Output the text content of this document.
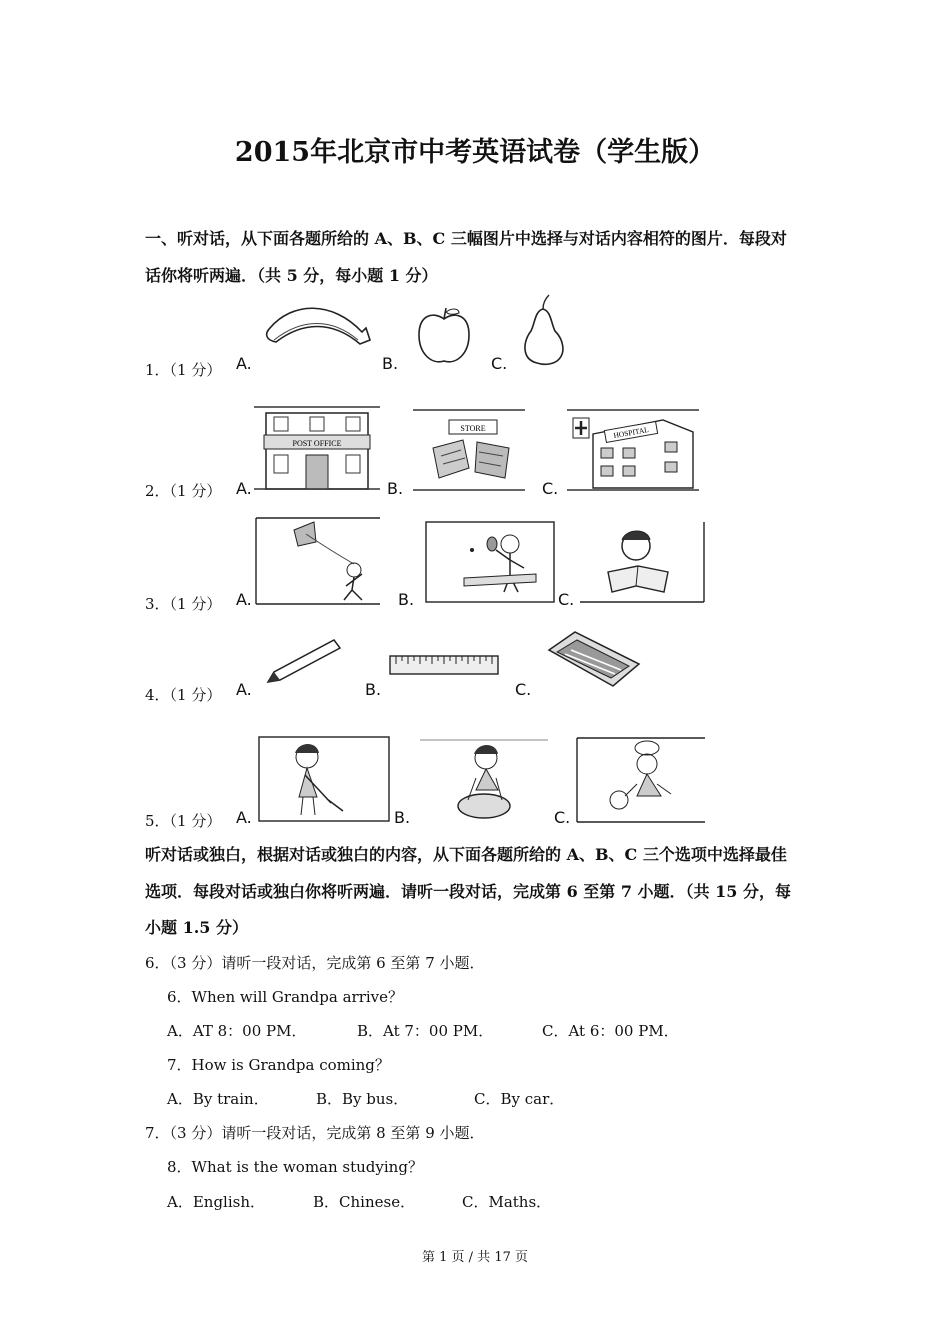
2015年北京市中考英语试卷（学生版）
一、听对话，从下面各题所给的 A、B、C 三幅图片中选择与对话内容相符的图片．每段对
话你将听两遍．（共 5 分，每小题 1 分）
1．（1 分） A.	B.	C.
2．（1 分） A.	B.	C.
POST OFFICE
STORE	HOSPITAL
3．（1 分） A.	B.	C.
4．（1 分） A.	B.	C.
5．（1 分） A.	B.	C.
听对话或独白，根据对话或独白的内容，从下面各题所给的 A、B、C 三个选项中选择最佳
选项．每段对话或独白你将听两遍．请听一段对话，完成第 6 至第 7 小题．（共 15 分，每
小题 1.5 分）
6．（3 分）请听一段对话，完成第 6 至第 7 小题．
6．When will Grandpa arrive？
A．AT 8：00 PM．	B．At 7：00 PM．	C．At 6：00 PM．
7．How is Grandpa coming？
A．By train．	B．By bus．	C．By car．
7．（3 分）请听一段对话，完成第 8 至第 9 小题．
8．What is the woman studying？
A．English．	B．Chinese．	C．Maths．
第 1 页 / 共 17 页
